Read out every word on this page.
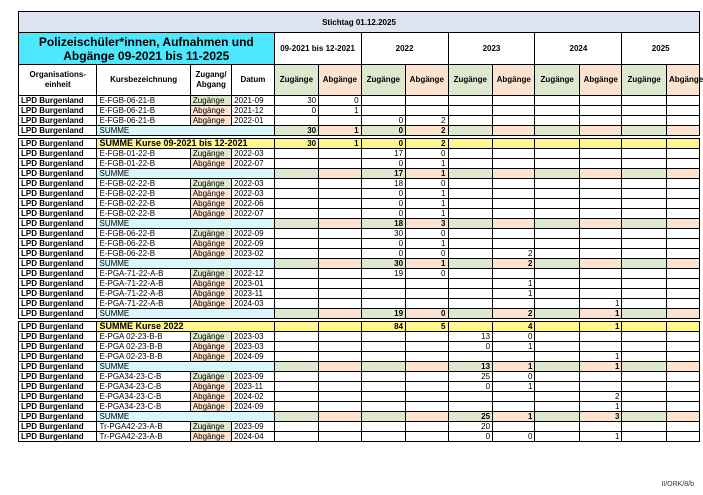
Stichtag 01.12.2025													
Polizeischüler*innen, Aufnahmen und Abgänge 09-2021 bis 11-2025				09-2021 bis 12-2021		2022		2023		2024		2025	
Organisations-einheit	Kursbezeichnung	Zugang/ Abgang	Datum	Zugänge	Abgänge	Zugänge	Abgänge	Zugänge	Abgänge	Zugänge	Abgänge	Zugänge	Abgänge
LPD Burgenland	E-FGB-06-21-B	Zugänge	2021-09	30	0								
LPD Burgenland	E-FGB-06-21-B	Abgänge	2021-12	0	1								
LPD Burgenland	E-FGB-06-21-B	Abgänge	2022-01			0	2						
LPD Burgenland	SUMME			30	1	0	2						

LPD Burgenland	SUMME Kurse 09-2021 bis 12-2021			30	1	0	2						
LPD Burgenland	E-FGB-01-22-B	Zugänge	2022-03			17	0						
LPD Burgenland	E-FGB-01-22-B	Abgänge	2022-07			0	1						
LPD Burgenland	SUMME					17	1						
LPD Burgenland	E-FGB-02-22-B	Zugänge	2022-03			18	0						
LPD Burgenland	E-FGB-02-22-B	Abgänge	2022-03			0	1						
LPD Burgenland	E-FGB-02-22-B	Abgänge	2022-06			0	1						
LPD Burgenland	E-FGB-02-22-B	Abgänge	2022-07			0	1						
LPD Burgenland	SUMME					18	3						
LPD Burgenland	E-FGB-06-22-B	Zugänge	2022-09			30	0						
LPD Burgenland	E-FGB-06-22-B	Abgänge	2022-09			0	1						
LPD Burgenland	E-FGB-06-22-B	Abgänge	2023-02			0	0		2				
LPD Burgenland	SUMME					30	1		2				
LPD Burgenland	E-PGA-71-22-A-B	Zugänge	2022-12			19	0						
LPD Burgenland	E-PGA-71-22-A-B	Abgänge	2023-01						1				
LPD Burgenland	E-PGA-71-22-A-B	Abgänge	2023-11						1				
LPD Burgenland	E-PGA-71-22-A-B	Abgänge	2024-03								1		
LPD Burgenland	SUMME					19	0		2		1		

LPD Burgenland	SUMME Kurse 2022					84	5		4		1		
LPD Burgenland	E-PGA 02-23-B-B	Zugänge	2023-03					13	0				
LPD Burgenland	E-PGA 02-23-B-B	Abgänge	2023-03					0	1				
LPD Burgenland	E-PGA 02-23-B-B	Abgänge	2024-09								1		
LPD Burgenland	SUMME							13	1		1		
LPD Burgenland	E-PGA34-23-C-B	Zugänge	2023-09					25	0				
LPD Burgenland	E-PGA34-23-C-B	Abgänge	2023-11					0	1				
LPD Burgenland	E-PGA34-23-C-B	Abgänge	2024-02								2		
LPD Burgenland	E-PGA34-23-C-B	Abgänge	2024-09								1		
LPD Burgenland	SUMME							25	1		3		
LPD Burgenland	Tr-PGA42-23-A-B	Zugänge	2023-09					20					
LPD Burgenland	Tr-PGA42-23-A-B	Abgänge	2024-04					0	0		1		
II/ORK/8/b
